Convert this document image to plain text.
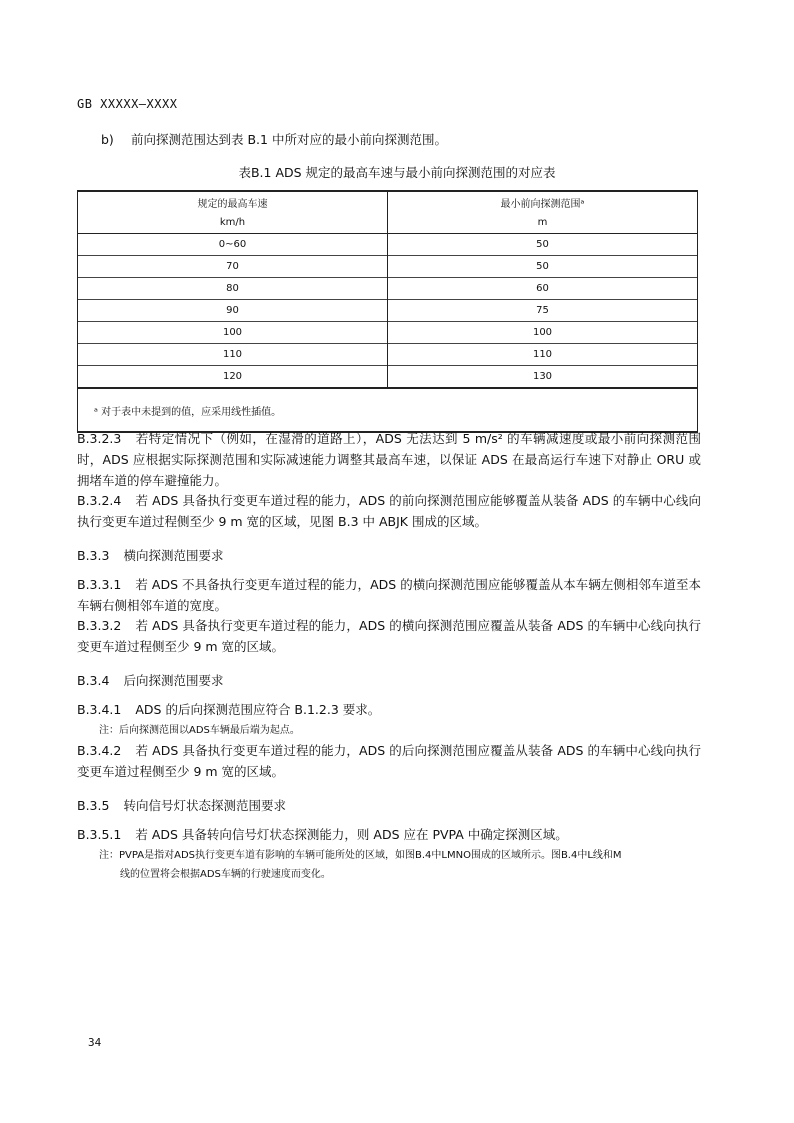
GB XXXXX—XXXX
b) 前向探测范围达到表 B.1 中所对应的最小前向探测范围。
表B.1 ADS 规定的最高车速与最小前向探测范围的对应表
规定的最高车速	最小前向探测范围ᵃ
km/h	m
0~60	50
70	50
80	60
90	75
100	100
110	110
120	130
ᵃ 对于表中未提到的值，应采用线性插值。	
B.3.2.3 若特定情况下（例如，在湿滑的道路上），ADS 无法达到 5 m/s² 的车辆减速度或最小前向探测范围时，ADS 应根据实际探测范围和实际减速能力调整其最高车速，以保证 ADS 在最高运行车速下对静止 ORU 或拥堵车道的停车避撞能力。
B.3.2.4 若 ADS 具备执行变更车道过程的能力，ADS 的前向探测范围应能够覆盖从装备 ADS 的车辆中心线向执行变更车道过程侧至少 9 m 宽的区域，见图 B.3 中 ABJK 围成的区域。
B.3.3 横向探测范围要求
B.3.3.1 若 ADS 不具备执行变更车道过程的能力，ADS 的横向探测范围应能够覆盖从本车辆左侧相邻车道至本车辆右侧相邻车道的宽度。
B.3.3.2 若 ADS 具备执行变更车道过程的能力，ADS 的横向探测范围应覆盖从装备 ADS 的车辆中心线向执行变更车道过程侧至少 9 m 宽的区域。
B.3.4 后向探测范围要求
B.3.4.1 ADS 的后向探测范围应符合 B.1.2.3 要求。
注：后向探测范围以ADS车辆最后端为起点。
B.3.4.2 若 ADS 具备执行变更车道过程的能力，ADS 的后向探测范围应覆盖从装备 ADS 的车辆中心线向执行变更车道过程侧至少 9 m 宽的区域。
B.3.5 转向信号灯状态探测范围要求
B.3.5.1 若 ADS 具备转向信号灯状态探测能力，则 ADS 应在 PVPA 中确定探测区域。
注：PVPA是指对ADS执行变更车道有影响的车辆可能所处的区域，如图B.4中LMNO围成的区域所示。图B.4中L线和M
线的位置将会根据ADS车辆的行驶速度而变化。
34
